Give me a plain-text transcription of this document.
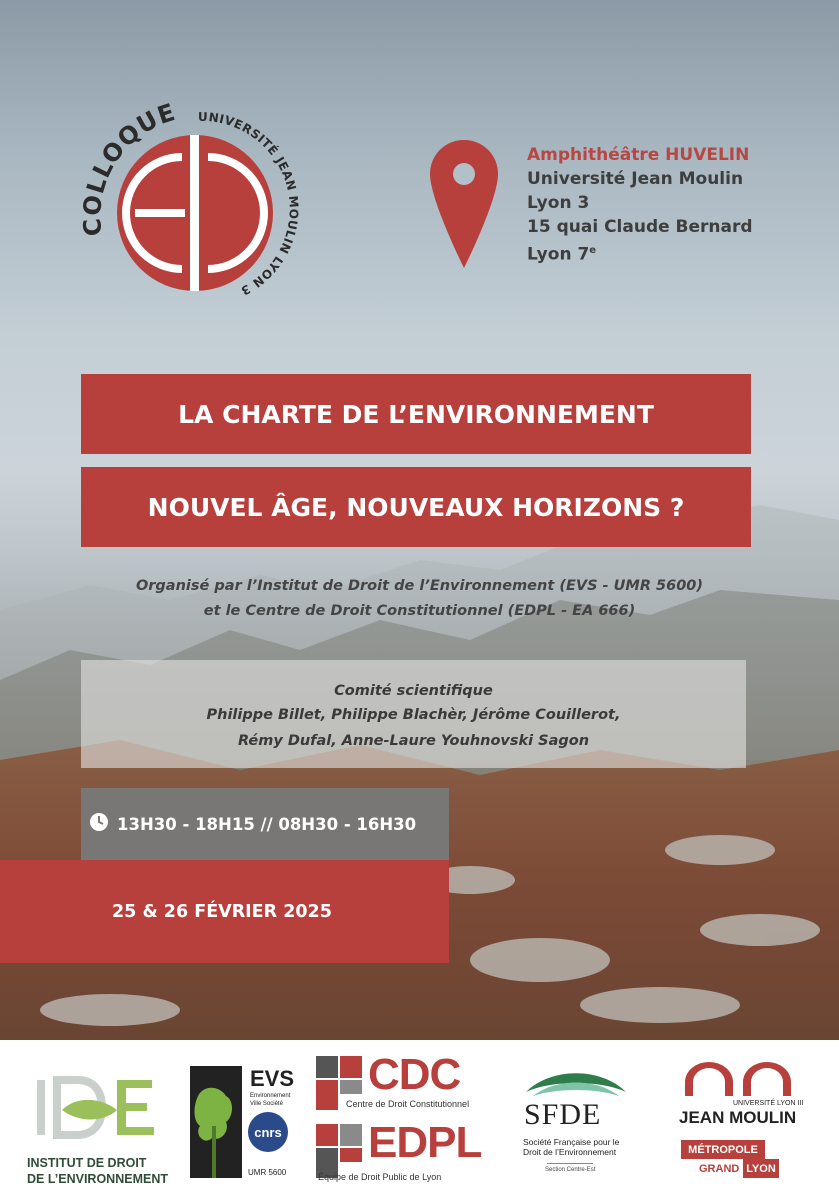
COLLOQUE UNIVERSITÉ JEAN MOULIN LYON 3
Amphithéâtre HUVELIN
Université Jean Moulin
Lyon 3
15 quai Claude Bernard
Lyon 7e
LA CHARTE DE L’ENVIRONNEMENT
NOUVEL ÂGE, NOUVEAUX HORIZONS ?
Organisé par l’Institut de Droit de l’Environnement (EVS - UMR 5600)
et le Centre de Droit Constitutionnel (EDPL - EA 666)
Comité scientifique
Philippe Billet, Philippe Blachèr, Jérôme Couillerot,
Rémy Dufal, Anne-Laure Youhnovski Sagon
13H30 - 18H15 // 08H30 - 16H30
25 & 26 FÉVRIER 2025
INSTITUT DE DROIT
DE L’ENVIRONNEMENT
EVS
Environnement
Ville Société
cnrs
UMR 5600
CDC
Centre de Droit Constitutionnel
EDPL
Équipe de Droit Public de Lyon
SFDE
Société Française pour le
Droit de l’Environnement
Section Centre-Est
UNIVERSITÉ LYON III
JEAN MOULIN
MÉTROPOLE
GRAND LYON
